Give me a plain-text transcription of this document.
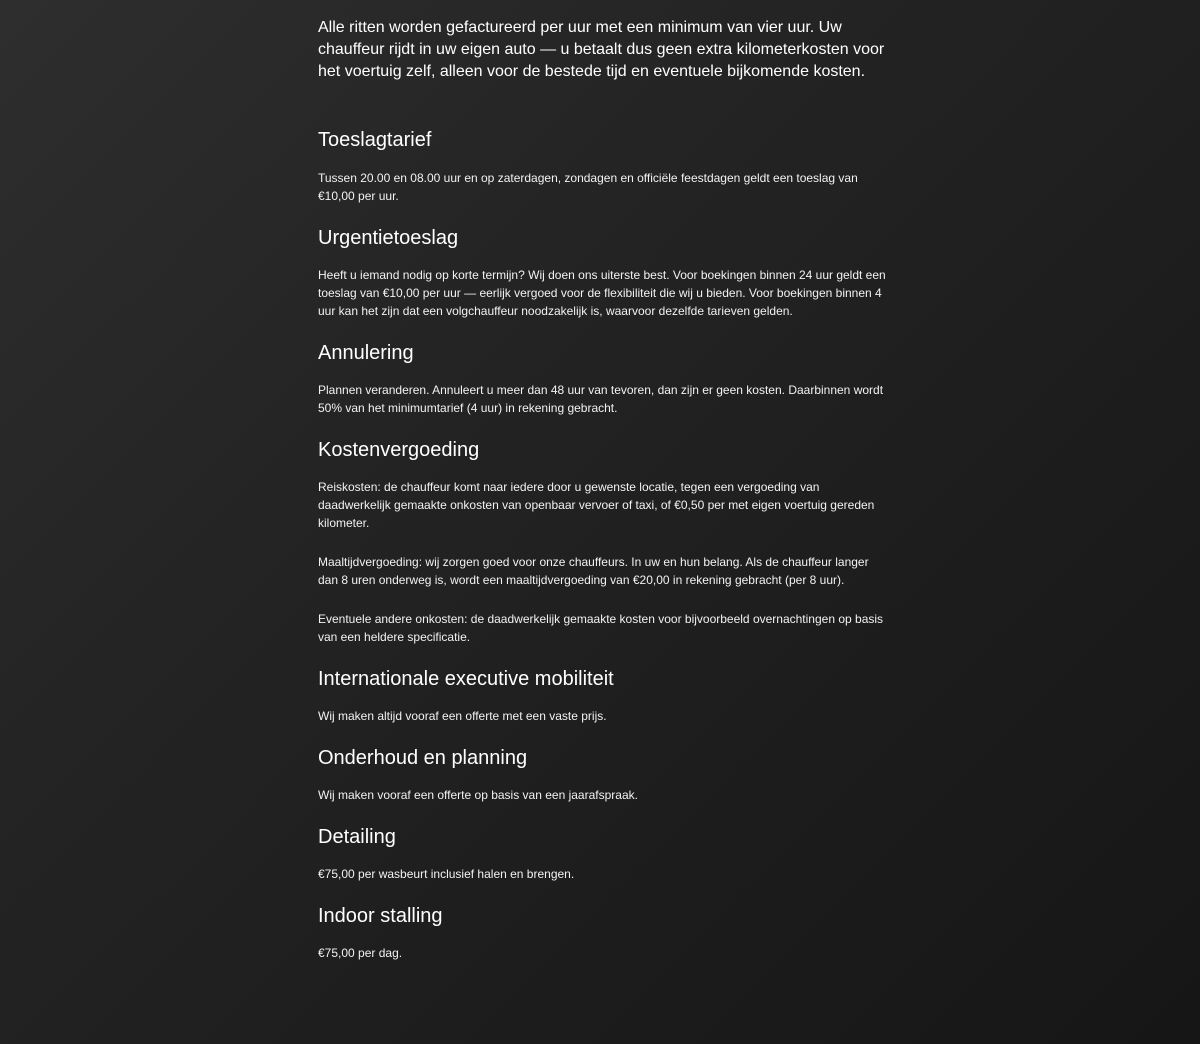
Alle ritten worden gefactureerd per uur met een minimum van vier uur. Uw chauffeur rijdt in uw eigen auto — u betaalt dus geen extra kilometerkosten voor het voertuig zelf, alleen voor de bestede tijd en eventuele bijkomende kosten.

Toeslagtarief

Tussen 20.00 en 08.00 uur en op zaterdagen, zondagen en officiële feestdagen geldt een toeslag van €10,00 per uur.

Urgentietoeslag

Heeft u iemand nodig op korte termijn? Wij doen ons uiterste best. Voor boekingen binnen 24 uur geldt een toeslag van €10,00 per uur — eerlijk vergoed voor de flexibiliteit die wij u bieden. Voor boekingen binnen 4 uur kan het zijn dat een volgchauffeur noodzakelijk is, waarvoor dezelfde tarieven gelden.

Annulering

Plannen veranderen. Annuleert u meer dan 48 uur van tevoren, dan zijn er geen kosten. Daarbinnen wordt 50% van het minimumtarief (4 uur) in rekening gebracht.

Kostenvergoeding

Reiskosten: de chauffeur komt naar iedere door u gewenste locatie, tegen een vergoeding van daadwerkelijk gemaakte onkosten van openbaar vervoer of taxi, of €0,50 per met eigen voertuig gereden kilometer.

Maaltijdvergoeding: wij zorgen goed voor onze chauffeurs. In uw en hun belang. Als de chauffeur langer dan 8 uren onderweg is, wordt een maaltijdvergoeding van €20,00 in rekening gebracht (per 8 uur).

Eventuele andere onkosten: de daadwerkelijk gemaakte kosten voor bijvoorbeeld overnachtingen op basis van een heldere specificatie.

Internationale executive mobiliteit

Wij maken altijd vooraf een offerte met een vaste prijs.

Onderhoud en planning

Wij maken vooraf een offerte op basis van een jaarafspraak.

Detailing

€75,00 per wasbeurt inclusief halen en brengen.

Indoor stalling

€75,00 per dag.
